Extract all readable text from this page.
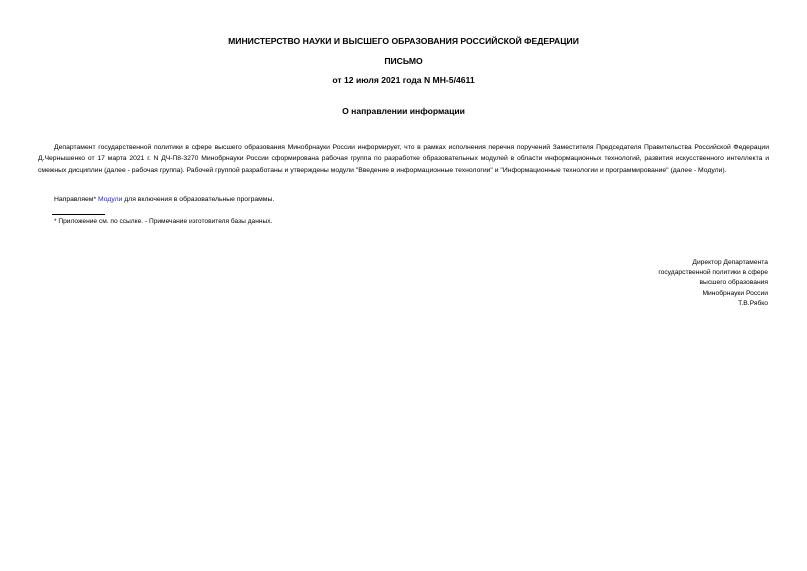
МИНИСТЕРСТВО НАУКИ И ВЫСШЕГО ОБРАЗОВАНИЯ РОССИЙСКОЙ ФЕДЕРАЦИИ
ПИСЬМО
от 12 июля 2021 года N МН-5/4611
О направлении информации
Департамент государственной политики в сфере высшего образования Минобрнауки России информирует, что в рамках исполнения перечня поручений Заместителя Председателя Правительства Российской Федерации Д.Чернышенко от 17 марта 2021 г. N ДЧ-П8-3270 Минобрнауки России сформирована рабочая группа по разработке образовательных модулей в области информационных технологий, развития искусственного интеллекта и смежных дисциплин (далее - рабочая группа). Рабочей группой разработаны и утверждены модули "Введение в информационные технологии" и "Информационные технологии и программирование" (далее - Модули).
Направляем* Модули для включения в образовательные программы.
* Приложение см. по ссылке. - Примечание изготовителя базы данных.
Директор Департамента
государственной политики в сфере
высшего образования
Минобрнауки России
Т.В.Рябко
